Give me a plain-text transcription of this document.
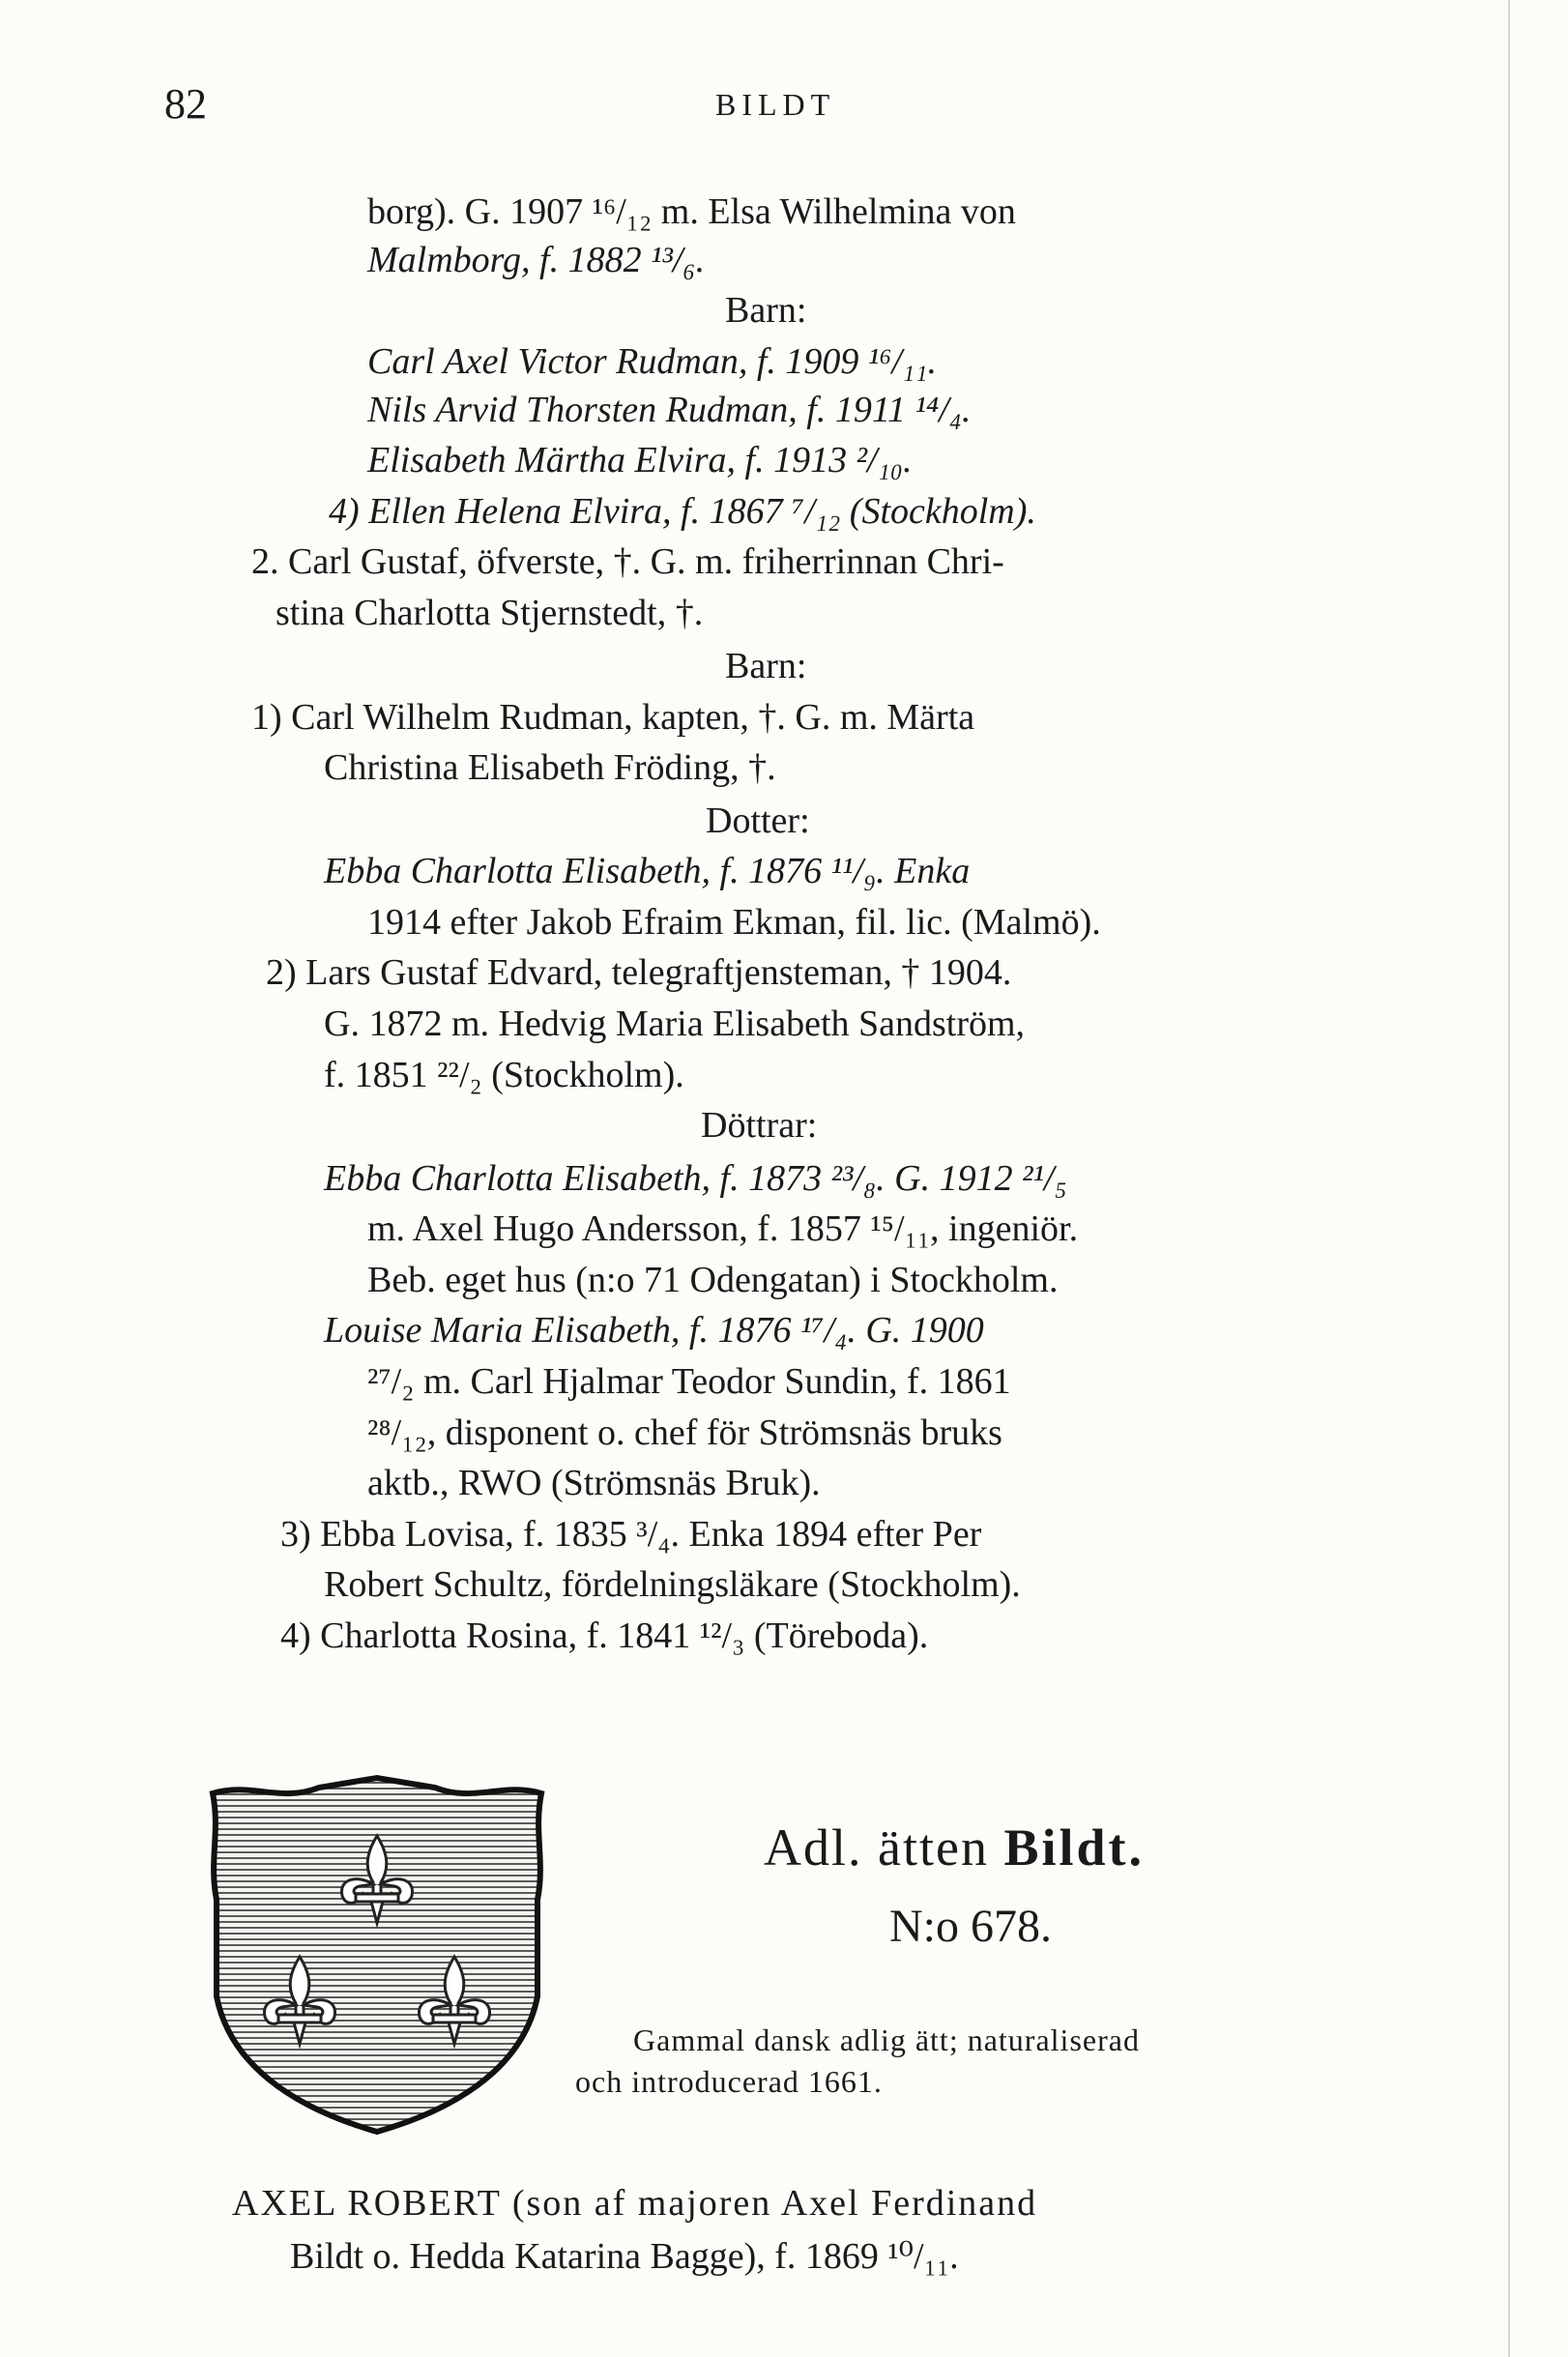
82	BILDT
borg). G. 1907 ¹⁶/₁₂ m. Elsa Wilhelmina von
Malmborg, f. 1882 ¹³/₆.
Barn:
Carl Axel Victor Rudman, f. 1909 ¹⁶/₁₁.
Nils Arvid Thorsten Rudman, f. 1911 ¹⁴/₄.
Elisabeth Märtha Elvira, f. 1913 ²/₁₀.
4) Ellen Helena Elvira, f. 1867 ⁷/₁₂ (Stockholm).
2. Carl Gustaf, öfverste, †. G. m. friherrinnan Chri-
stina Charlotta Stjernstedt, †.
Barn:
1) Carl Wilhelm Rudman, kapten, †. G. m. Märta
Christina Elisabeth Fröding, †.
Dotter:
Ebba Charlotta Elisabeth, f. 1876 ¹¹/₉. Enka
1914 efter Jakob Efraim Ekman, fil. lic. (Malmö).
2) Lars Gustaf Edvard, telegraftjensteman, † 1904.
G. 1872 m. Hedvig Maria Elisabeth Sandström,
f. 1851 ²²/₂ (Stockholm).
Döttrar:
Ebba Charlotta Elisabeth, f. 1873 ²³/₈. G. 1912 ²¹/₅
m. Axel Hugo Andersson, f. 1857 ¹⁵/₁₁, ingeniör.
Beb. eget hus (n:o 71 Odengatan) i Stockholm.
Louise Maria Elisabeth, f. 1876 ¹⁷/₄. G. 1900
²⁷/₂ m. Carl Hjalmar Teodor Sundin, f. 1861
²⁸/₁₂, disponent o. chef för Strömsnäs bruks
aktb., RWO (Strömsnäs Bruk).
3) Ebba Lovisa, f. 1835 ³/₄. Enka 1894 efter Per
Robert Schultz, fördelningsläkare (Stockholm).
4) Charlotta Rosina, f. 1841 ¹²/₃ (Töreboda).
Adl. ätten Bildt.
N:o 678.
Gammal dansk adlig ätt; naturaliserad
och introducerad 1661.
AXEL ROBERT (son af majoren Axel Ferdinand
Bildt o. Hedda Katarina Bagge), f. 1869 ¹⁰/₁₁.
